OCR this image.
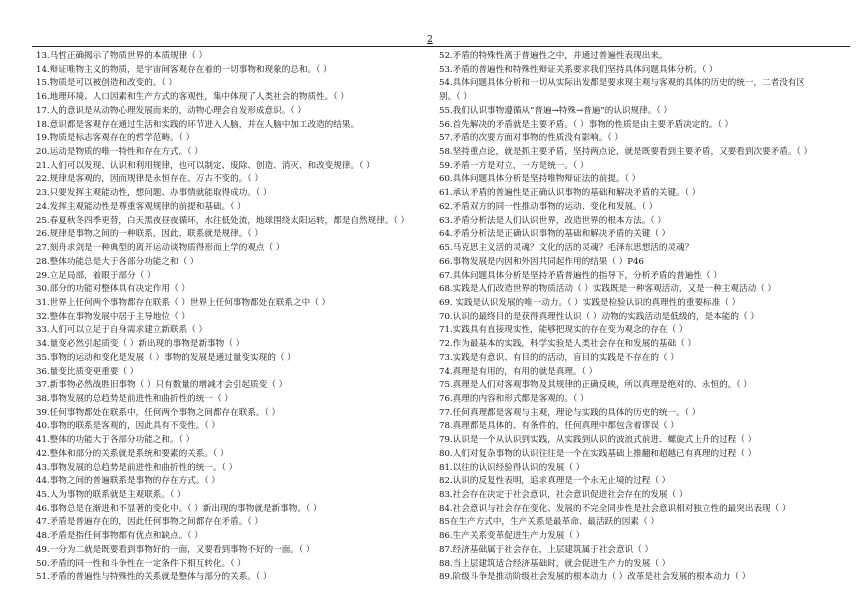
2
13.马哲正确揭示了物质世界的本质规律（ ）
14.辩证唯物主义的物质，是宇宙间客观存在着的一切事物和现象的总和。（ ）
15.物质是可以被创造和改变的。（ ）
16.地理环境、人口因素和生产方式的客观性，集中体现了人类社会的物质性。（ ）
17.人的意识是从动物心理发展而来的，动物心理会自发形成意识。（ ）
18.意识都是客观存在通过生活和实践的环节进入人脑，并在人脑中加工改造的结果。
19.物质是标志客观存在的哲学范畴。（ ）
20.运动是物质的唯一特性和存在方式。（ ）
21.人们可以发现、认识和利用规律，也可以制定、废除、创造、消灭、和改变规律。（ ）
22.规律是客观的，因而规律是永恒存在、万古不变的。（ ）
23.只要发挥主观能动性，想问题、办事情就能取得成功。（ ）
24.发挥主观能动性是尊重客观规律的前提和基础。（ ）
25.春夏秋冬四季更替，白天黑夜昼夜循环，水往低处流，地球围绕太阳运转，都是自然规律。（ ）
26.规律是事物之间的一种联系，因此，联系就是规律。（ ）
27.刻舟求剑是一种典型的离开运动谈物质得形而上学的观点（ ）
28.整体功能总是大于各部分功能之和（ ）
29.立足局部，着眼于部分（ ）
30.部分的功能对整体具有决定作用（ ）
31.世界上任何两个事物都存在联系（ ）世界上任何事物都处在联系之中（ ）
32.整体在事物发展中居于主导地位（ ）
33.人们可以立足于自身需求建立新联系（ ）
34.量变必然引起质变（ ）新出现的事物是新事物（ ）
35.事物的运动和变化是发展（ ）事物的发展是通过量变实现的（ ）
36.量变比质变更重要（ ）
37.新事物必然战胜旧事物（ ）只有数量的增减才会引起质变（ ）
38.事物发展的总趋势是前进性和曲折性的统一（ ）
39.任何事物都处在联系中，任何两个事物之间都存在联系。（ ）
40.事物的联系是客观的，因此具有不变性。（ ）
41.整体的功能大于各部分功能之和。（ ）
42.整体和部分的关系就是系统和要素的关系。（ ）
43.事物发展的总趋势是前进性和曲折性的统一。（ ）
44.事物之间的普遍联系是事物的存在方式。（ ）
45.人为事物的联系就是主观联系。（ ）
46.事物总是在渐进和不显著的变化中。（ ）新出现的事物就是新事物。（ ）
47.矛盾是普遍存在的，因此任何事物之间都存在矛盾。（ ）
48.矛盾是指任何事物都有优点和缺点。（ ）
49.一分为二就是既要看到事物好的一面，又要看到事物不好的一面。（ ）
50.矛盾的同一性和斗争性在一定条件下相互转化。（ ）
51.矛盾的普遍性与特殊性的关系就是整体与部分的关系。（ ）
52.矛盾的特殊性离于普遍性之中，并通过普遍性表现出来。
53.矛盾的普遍性和特殊性辩证关系要求我们坚持具体问题具体分析。（ ）
54.具体问题具体分析和一切从实际出发都是要求现主观与客观的具体的历史的统一，二者没有区
别。（ ）
55.我们认识事物遵循从“普遍→特殊→普遍”的认识规律。（ ）
56.首先解决的矛盾就是主要矛盾。（ ）事物的性质是由主要矛盾决定的。（ ）
57.矛盾的次要方面对事物的性质没有影响。（ ）
58.坚持重点论，就是抓主要矛盾，坚持两点论，就是既要看到主要矛盾，又要看到次要矛盾。（ ）
59.矛盾一方是对立，一方是统一。（ ）
60.具体问题具体分析是坚持唯物辩证法的前提。（ ）
61.承认矛盾的普遍性是正确认识事物的基础和解决矛盾的关键。（ ）
62.矛盾双方的同一性推动事物的运动、变化和发展。（ ）
63.矛盾分析法是人们认识世界，改造世界的根本方法。（ ）
64.矛盾分析法是正确认识事物的基础和解决矛盾的关键（ ）
65.马克思主义活的灵魂？文化的活的灵魂？毛泽东思想活的灵魂？
66.事物发展是内因和外因共同起作用的结果（ ）P46
67.具体问题具体分析是坚持矛盾普遍性的指导下，分析矛盾的普遍性（ ）
68.实践是人们改造世界的物质活动（ ）实践既是一种客观活动，又是一种主观活动（ ）
69. 实践是认识发展的唯一动力。（ ）实践是检验认识的真理性的重要标准（ ）
70.认识的最终目的是获得真理性认识（ ）动物的实践活动是低级的，是本能的（ ）
71.实践具有直接现实性，能够把现实的存在变为观念的存在（ ）
72.作为最基本的实践，科学实验是人类社会存在和发展的基础（ ）
73.实践是有意识、有目的的活动，盲目的实践是不存在的（ ）
74.真理是有用的，有用的就是真理。（ ）
75.真理是人们对客观事物及其规律的正确反映，所以真理是绝对的、永恒的。（ ）
76.真理的内容和形式都是客观的。（ ）
77.任何真理都是客观与主观，理论与实践的具体的历史的统一。（ ）
78.真理都是具体的、有条件的，任何真理中都包含着谬误（ ）
79.认识是一个从认识到实践，从实践到认识的波浪式前进、螺旋式上升的过程（ ）
80.人们对复杂事物的认识往往是一个在实践基础上推翻和超越已有真理的过程（ ）
81.以往的认识经验得认识的发展（ ）
82.认识的反复性表明，追求真理是一个永无止境的过程（ ）
83.社会存在决定于社会意识，社会意识促进社会存在的发展（ ）
84.社会意识与社会存在变化、发展的不完全同步性是社会意识相对独立性的最突出表现（ ）
85在生产方式中，生产关系是最革命、最活跃的因素（ ）
86.生产关系变革促进生产力发展（ ）
87.经济基础属于社会存在，上层建筑属于社会意识（ ）
88.当上层建筑适合经济基础时，就会促进生产力的发展（ ）
89.阶级斗争是推动阶级社会发展的根本动力（ ）改革是社会发展的根本动力（ ）
